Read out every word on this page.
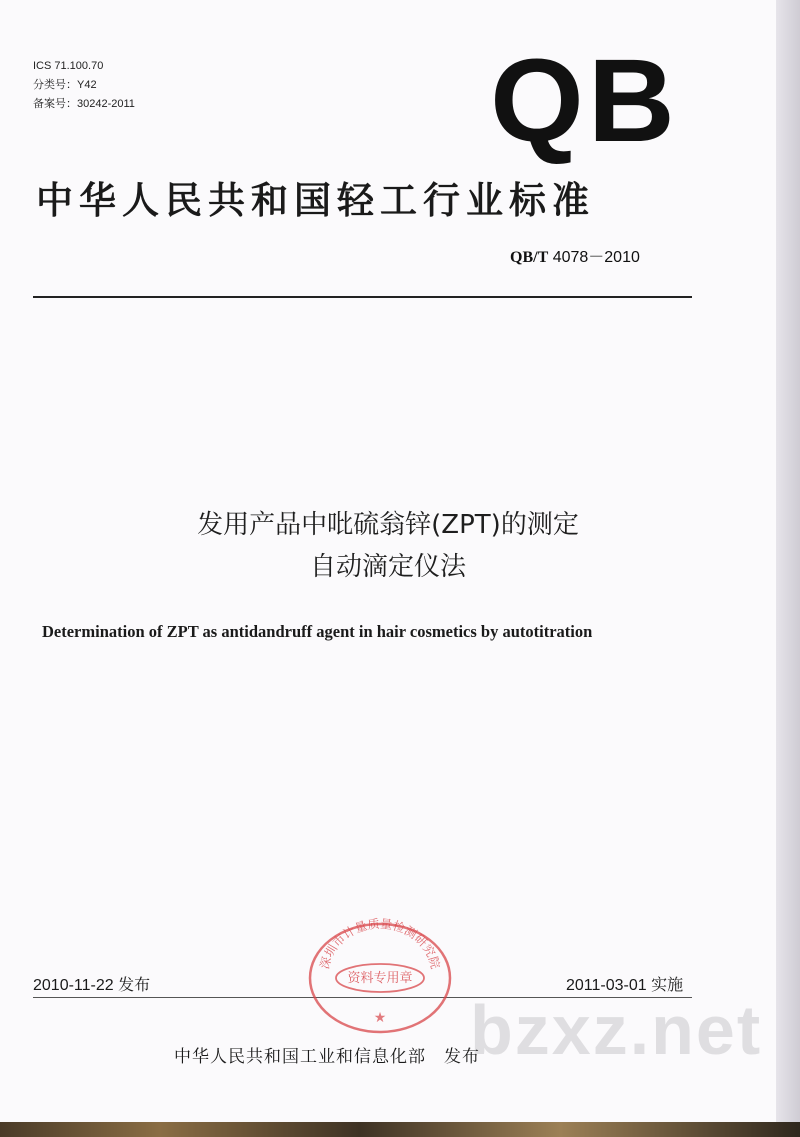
ICS 71.100.70
分类号：Y42
备案号：30242-2011	QB
中华人民共和国轻工行业标准
QB/T 4078－2010
发用产品中吡硫翁锌(ZPT)的测定
自动滴定仪法
Determination of ZPT as antidandruff agent in hair cosmetics by autotitration
2010-11-22 发布	2011-03-01 实施
深圳市计量质量检测研究院
资料专用章
★
中华人民共和国工业和信息化部　发布
bzxz.net
